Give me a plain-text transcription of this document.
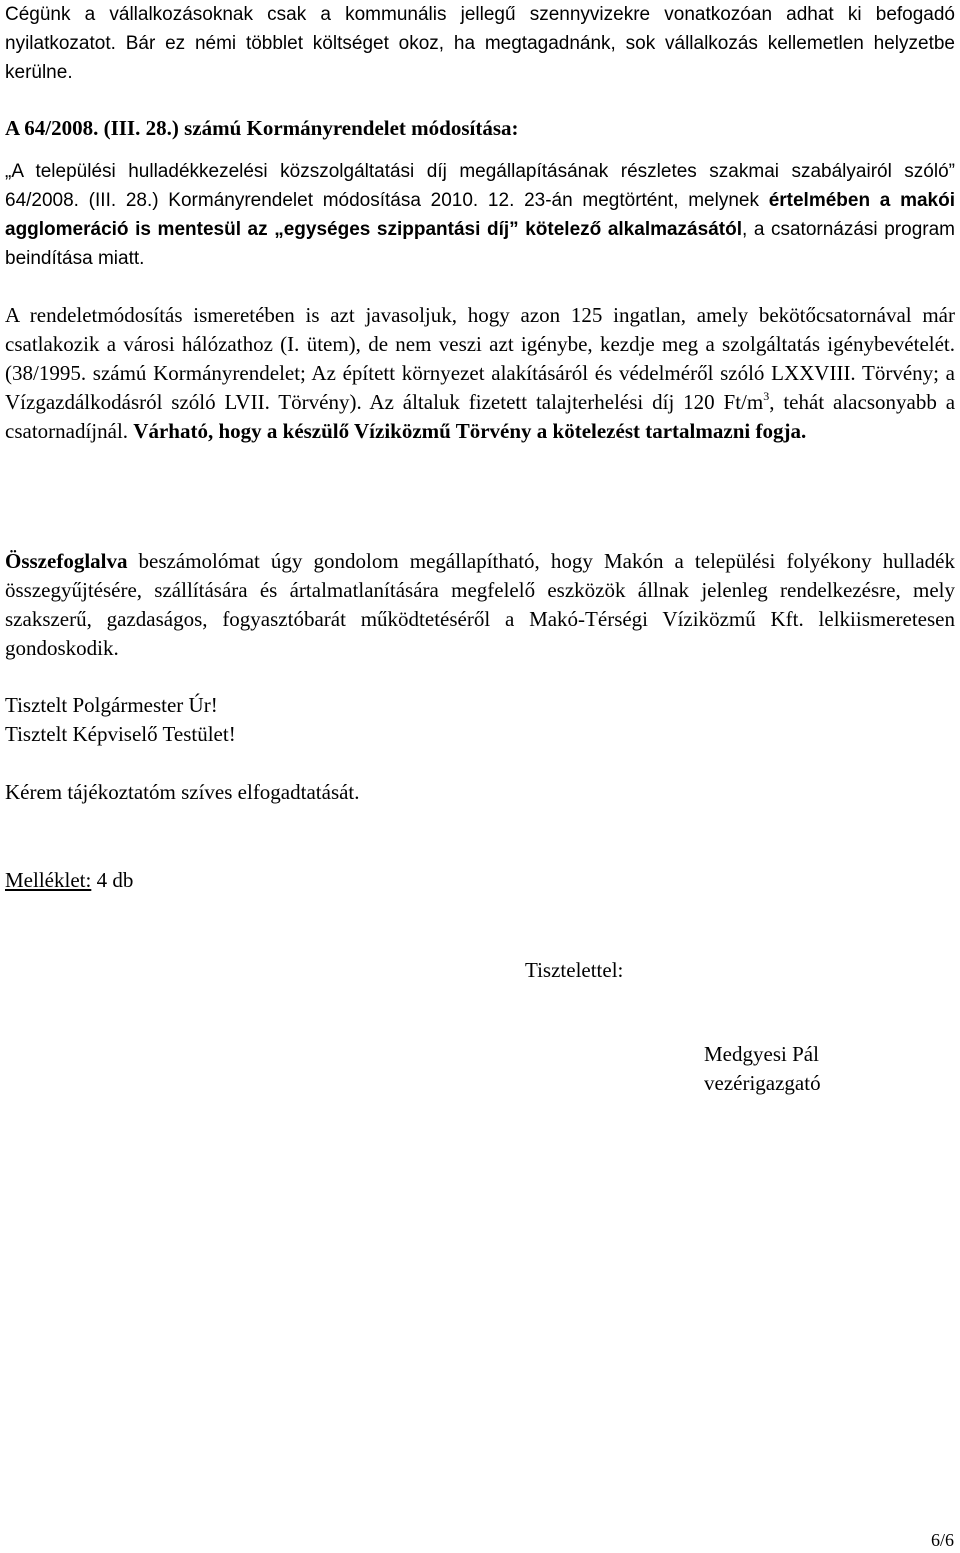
Cégünk a vállalkozásoknak csak a kommunális jellegű szennyvizekre vonatkozóan adhat ki befogadó nyilatkozatot. Bár ez némi többlet költséget okoz, ha megtagadnánk, sok vállalkozás kellemetlen helyzetbe kerülne.

A 64/2008. (III. 28.) számú Kormányrendelet módosítása:

„A települési hulladékkezelési közszolgáltatási díj megállapításának részletes szakmai szabályairól szóló” 64/2008. (III. 28.) Kormányrendelet módosítása 2010. 12. 23-án megtörtént, melynek értelmében a makói agglomeráció is mentesül az „egységes szippantási díj” kötelező alkalmazásától, a csatornázási program beindítása miatt.

A rendeletmódosítás ismeretében is azt javasoljuk, hogy azon 125 ingatlan, amely bekötőcsatornával már csatlakozik a városi hálózathoz (I. ütem), de nem veszi azt igénybe, kezdje meg a szolgáltatás igénybevételét. (38/1995. számú Kormányrendelet; Az épített környezet alakításáról és védelméről szóló LXXVIII. Törvény; a Vízgazdálkodásról szóló LVII. Törvény). Az általuk fizetett talajterhelési díj 120 $Ft/m^3$, tehát alacsonyabb a csatornadíjnál. Várható, hogy a készülő Víziközmű Törvény a kötelezést tartalmazni fogja.

Összefoglalva beszámolómat úgy gondolom megállapítható, hogy Makón a települési folyékony hulladék összegyűjtésére, szállítására és ártalmatlanítására megfelelő eszközök állnak jelenleg rendelkezésre, mely szakszerű, gazdaságos, fogyasztóbarát működtetéséről a Makó-Térségi Víziközmű Kft. lelkiismeretesen gondoskodik.

Tisztelt Polgármester Úr!

Tisztelt Képviselő Testület!

Kérem tájékoztatóm szíves elfogadtatását.

Melléklet: 4 db

Tisztelettel:

Medgyesi Pál
vezérigazgató

6/6
